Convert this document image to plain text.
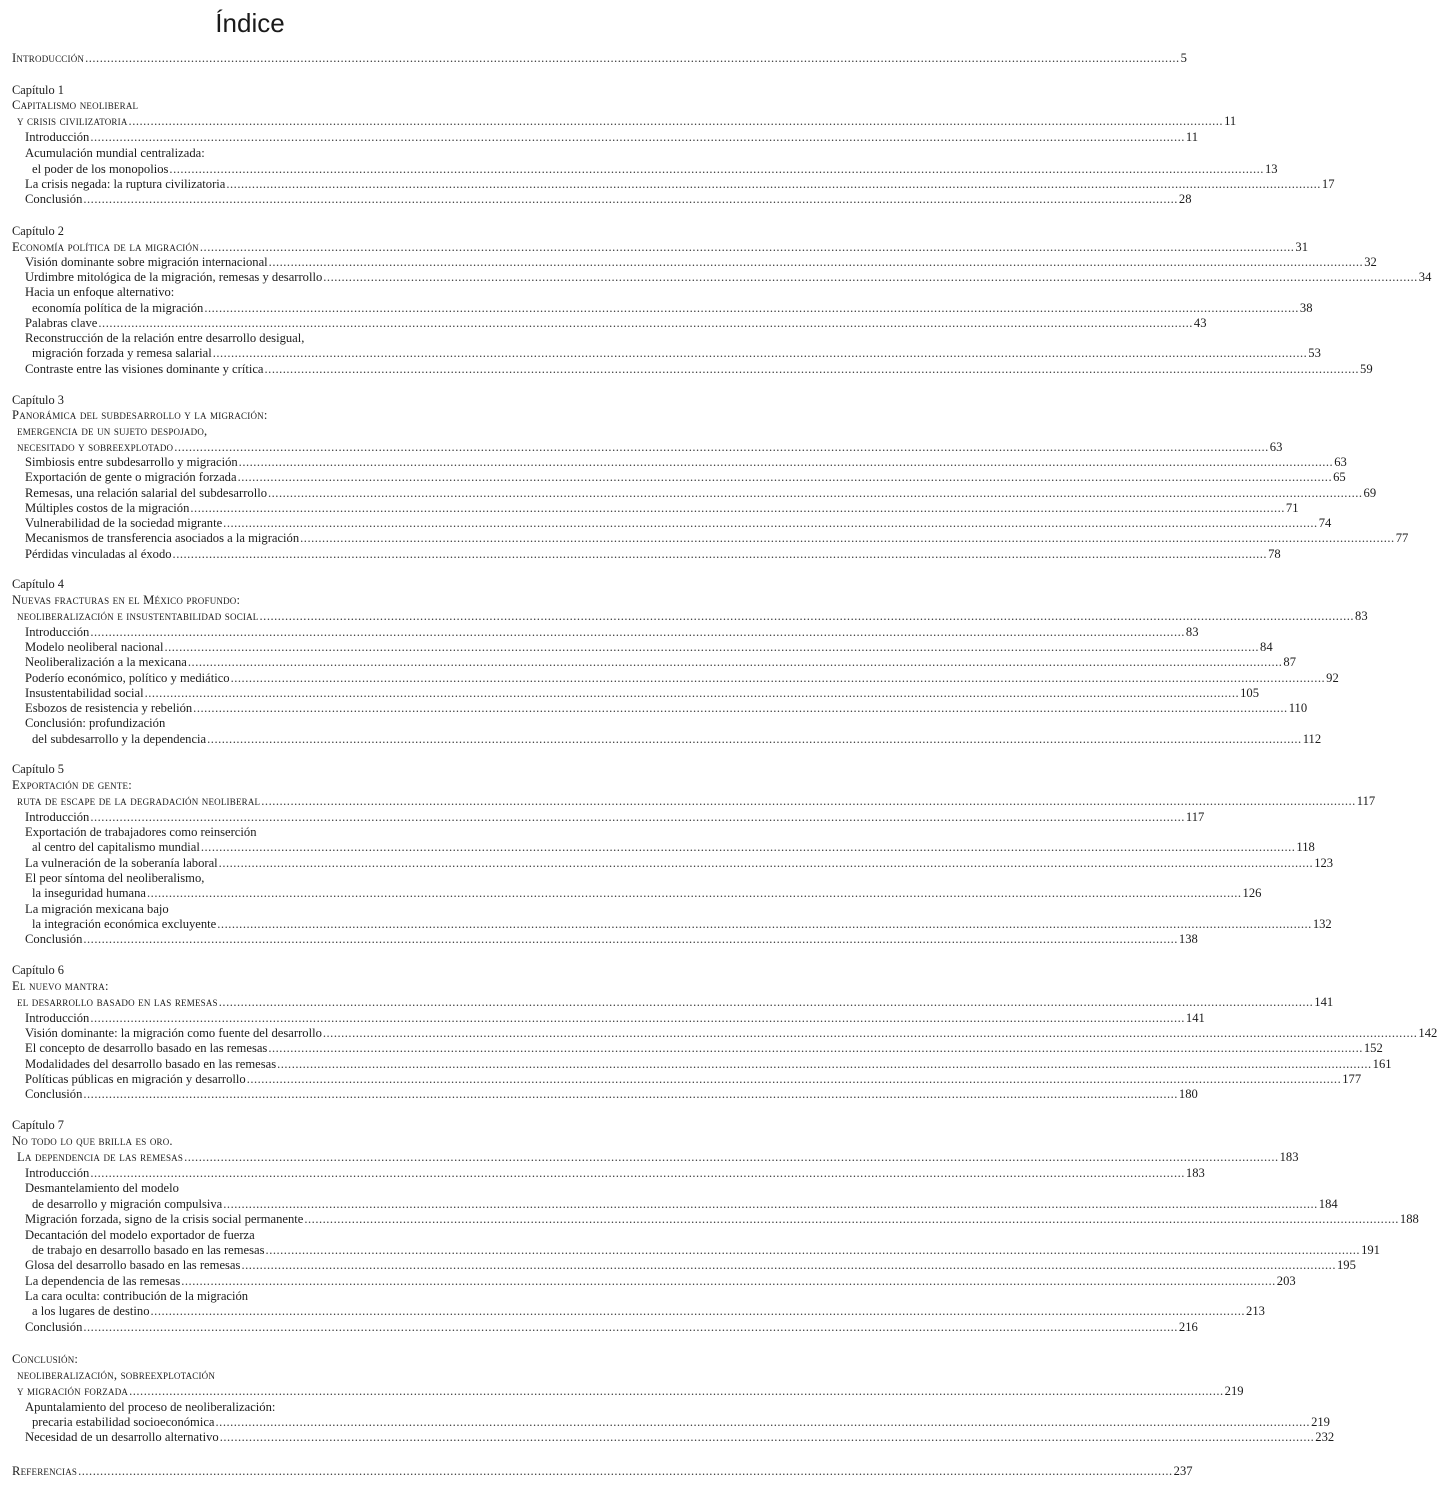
Índice
Introducción ............................................................................................................................................................................................................................................................................................................ 5
Capítulo 1
Capitalismo neoliberal
y crisis civilizatoria ............................................................................................................................................................................................................................................................................................................ 11
Introducción ............................................................................................................................................................................................................................................................................................................ 11
Acumulación mundial centralizada:
el poder de los monopolios ............................................................................................................................................................................................................................................................................................................ 13
La crisis negada: la ruptura civilizatoria ............................................................................................................................................................................................................................................................................................................ 17
Conclusión ............................................................................................................................................................................................................................................................................................................ 28
Capítulo 2
Economía política de la migración ............................................................................................................................................................................................................................................................................................................ 31
Visión dominante sobre migración internacional ............................................................................................................................................................................................................................................................................................................ 32
Urdimbre mitológica de la migración, remesas y desarrollo ............................................................................................................................................................................................................................................................................................................ 34
Hacia un enfoque alternativo:
economía política de la migración ............................................................................................................................................................................................................................................................................................................ 38
Palabras clave ............................................................................................................................................................................................................................................................................................................ 43
Reconstrucción de la relación entre desarrollo desigual,
migración forzada y remesa salarial ............................................................................................................................................................................................................................................................................................................ 53
Contraste entre las visiones dominante y crítica ............................................................................................................................................................................................................................................................................................................ 59
Capítulo 3
Panorámica del subdesarrollo y la migración:
emergencia de un sujeto despojado,
necesitado y sobreexplotado ............................................................................................................................................................................................................................................................................................................ 63
Simbiosis entre subdesarrollo y migración ............................................................................................................................................................................................................................................................................................................ 63
Exportación de gente o migración forzada ............................................................................................................................................................................................................................................................................................................ 65
Remesas, una relación salarial del subdesarrollo ............................................................................................................................................................................................................................................................................................................ 69
Múltiples costos de la migración ............................................................................................................................................................................................................................................................................................................ 71
Vulnerabilidad de la sociedad migrante ............................................................................................................................................................................................................................................................................................................ 74
Mecanismos de transferencia asociados a la migración ............................................................................................................................................................................................................................................................................................................ 77
Pérdidas vinculadas al éxodo ............................................................................................................................................................................................................................................................................................................ 78
Capítulo 4
Nuevas fracturas en el México profundo:
neoliberalización e insustentabilidad social ............................................................................................................................................................................................................................................................................................................ 83
Introducción ............................................................................................................................................................................................................................................................................................................ 83
Modelo neoliberal nacional ............................................................................................................................................................................................................................................................................................................ 84
Neoliberalización a la mexicana ............................................................................................................................................................................................................................................................................................................ 87
Poderío económico, político y mediático ............................................................................................................................................................................................................................................................................................................ 92
Insustentabilidad social ............................................................................................................................................................................................................................................................................................................ 105
Esbozos de resistencia y rebelión ............................................................................................................................................................................................................................................................................................................ 110
Conclusión: profundización
del subdesarrollo y la dependencia ............................................................................................................................................................................................................................................................................................................ 112
Capítulo 5
Exportación de gente:
ruta de escape de la degradación neoliberal ............................................................................................................................................................................................................................................................................................................ 117
Introducción ............................................................................................................................................................................................................................................................................................................ 117
Exportación de trabajadores como reinserción
al centro del capitalismo mundial ............................................................................................................................................................................................................................................................................................................ 118
La vulneración de la soberanía laboral ............................................................................................................................................................................................................................................................................................................ 123
El peor síntoma del neoliberalismo,
la inseguridad humana ............................................................................................................................................................................................................................................................................................................ 126
La migración mexicana bajo
la integración económica excluyente ............................................................................................................................................................................................................................................................................................................ 132
Conclusión ............................................................................................................................................................................................................................................................................................................ 138
Capítulo 6
El nuevo mantra:
el desarrollo basado en las remesas ............................................................................................................................................................................................................................................................................................................ 141
Introducción ............................................................................................................................................................................................................................................................................................................ 141
Visión dominante: la migración como fuente del desarrollo ............................................................................................................................................................................................................................................................................................................ 142
El concepto de desarrollo basado en las remesas ............................................................................................................................................................................................................................................................................................................ 152
Modalidades del desarrollo basado en las remesas ............................................................................................................................................................................................................................................................................................................ 161
Políticas públicas en migración y desarrollo ............................................................................................................................................................................................................................................................................................................ 177
Conclusión ............................................................................................................................................................................................................................................................................................................ 180
Capítulo 7
No todo lo que brilla es oro.
La dependencia de las remesas ............................................................................................................................................................................................................................................................................................................ 183
Introducción ............................................................................................................................................................................................................................................................................................................ 183
Desmantelamiento del modelo
de desarrollo y migración compulsiva ............................................................................................................................................................................................................................................................................................................ 184
Migración forzada, signo de la crisis social permanente ............................................................................................................................................................................................................................................................................................................ 188
Decantación del modelo exportador de fuerza
de trabajo en desarrollo basado en las remesas ............................................................................................................................................................................................................................................................................................................ 191
Glosa del desarrollo basado en las remesas ............................................................................................................................................................................................................................................................................................................ 195
La dependencia de las remesas ............................................................................................................................................................................................................................................................................................................ 203
La cara oculta: contribución de la migración
a los lugares de destino ............................................................................................................................................................................................................................................................................................................ 213
Conclusión ............................................................................................................................................................................................................................................................................................................ 216
Conclusión:
neoliberalización, sobreexplotación
y migración forzada ............................................................................................................................................................................................................................................................................................................ 219
Apuntalamiento del proceso de neoliberalización:
precaria estabilidad socioeconómica ............................................................................................................................................................................................................................................................................................................ 219
Necesidad de un desarrollo alternativo ............................................................................................................................................................................................................................................................................................................ 232
Referencias ............................................................................................................................................................................................................................................................................................................ 237
